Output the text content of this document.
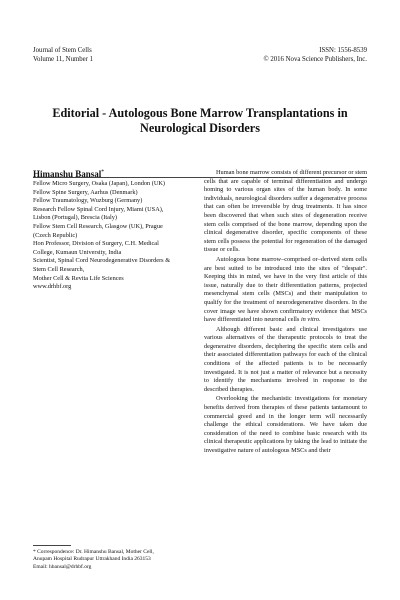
Journal of Stem Cells
Volume 11, Number 1
ISSN: 1556-8539
© 2016 Nova Science Publishers, Inc.
Editorial - Autologous Bone Marrow Transplantations in
Neurological Disorders
Himanshu Bansal*
Fellow Micro Surgery, Osaka (Japan), London (UK)
Fellow Spine Surgery, Aarhus (Denmark)
Fellow Traumatology, Wuzburg (Germany)
Research Fellow Spinal Cord Injury, Miami (USA),
Lisbon (Portugal), Brescia (Italy)
Fellow Stem Cell Research, Glasgow (UK), Prague
(Czech Republic)
Hon Professor, Division of Surgery, C.H. Medical
College, Kumaun University, India
Scientist, Spinal Cord Neurodegenerative Disorders &
Stem Cell Research,
Mother Cell & Revita Life Sciences
www.drhbf.org

Human bone marrow consists of different precursor or stem cells that are capable of terminal differentiation and undergo homing to various organ sites of the human body. In some individuals, neurological disorders suffer a degenerative process that can often be irreversible by drug treatments. It has since been discovered that when such sites of degeneration receive stem cells comprised of the bone marrow, depending upon the clinical degenerative disorder, specific components of these stem cells possess the potential for regeneration of the damaged tissue or cells.

Autologous bone marrow–comprised or–derived stem cells are best suited to be introduced into the sites of "despair". Keeping this in mind, we have in the very first article of this issue, naturally due to their differentiation patterns, projected mesenchymal stem cells (MSCs) and their manipulation to qualify for the treatment of neurodegenerative disorders. In the cover image we have shown confirmatory evidence that MSCs have differentiated into neuronal cells in vitro.

Although different basic and clinical investigators use various alternatives of the therapeutic protocols to treat the degenerative disorders, deciphering the specific stem cells and their associated differentiation pathways for each of the clinical conditions of the affected patients is to be necessarily investigated. It is not just a matter of relevance but a necessity to identify the mechanisms involved in response to the described therapies.

Overlooking the mechanistic investigations for monetary benefits derived from therapies of these patients tantamount to commercial greed and in the longer term will necessarily challenge the ethical considerations. We have taken due consideration of the need to combine basic research with its clinical therapeutic applications by taking the lead to initiate the investigative nature of autologous MSCs and their

* Correspondence: Dr. Himanshu Bansal, Mother Cell,
Anupam Hospital Rudrapur Uttrakhand India 263153
Email: hbansal@drhbf.org
